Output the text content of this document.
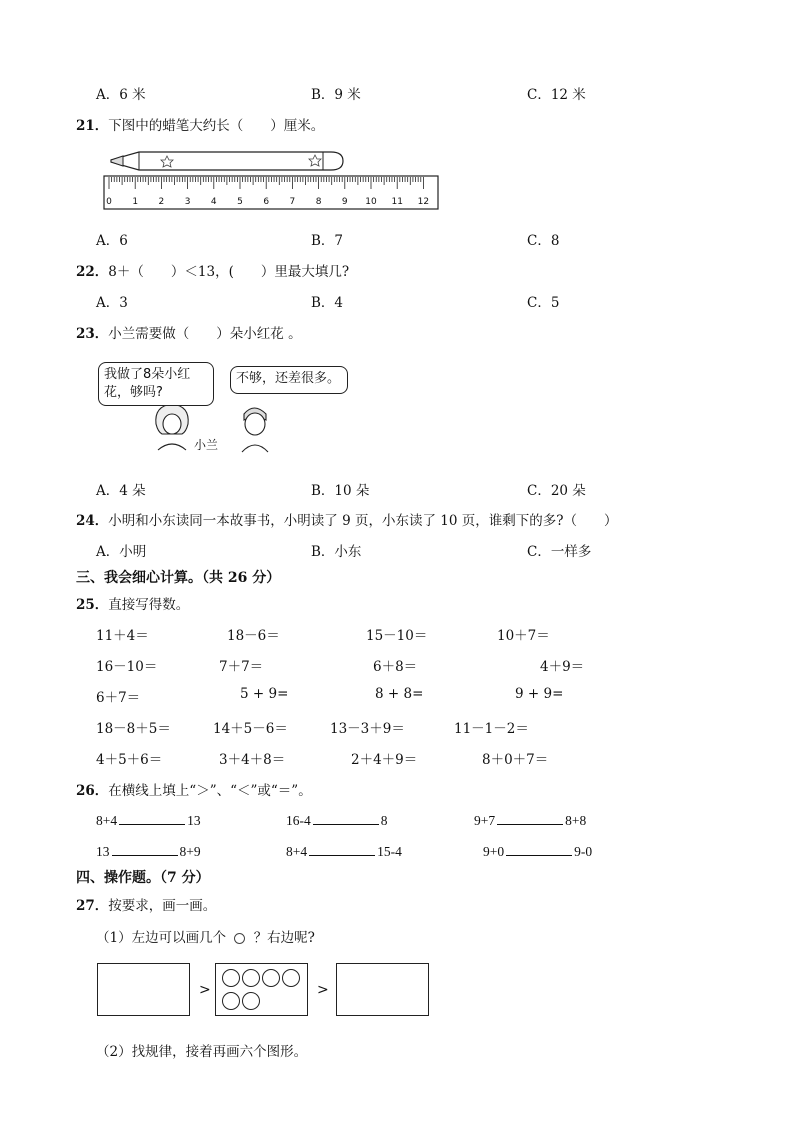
A．6 米	B．9 米	C．12 米
21．下图中的蜡笔大约长（　　）厘米。
0 1 2 3 4 5 6 7 8 9 10 11 12
A．6	B．7	C．8
22．8＋（　　）＜13，(　　）里最大填几?
A．3	B．4	C．5
23．小兰需要做（　　）朵小红花 。
我做了8朵小红
花，够吗?
不够，还差很多。
小兰
A．4 朵	B．10 朵	C．20 朵
24．小明和小东读同一本故事书，小明读了 9 页，小东读了 10 页，谁剩下的多?（　　）
A．小明	B．小东	C．一样多
三、我会细心计算。（共 26 分）
25．直接写得数。
11＋4＝	18－6＝	15－10＝	10＋7＝
16－10＝	7＋7＝	6＋8＝	4＋9＝
6＋7＝	5 + 9=	8 + 8=	9 + 9=
18－8＋5＝	14＋5－6＝	13－3＋9＝	11－1－2＝
4＋5＋6＝	3＋4＋8＝	2＋4＋9＝	8＋0＋7＝
26．在横线上填上“＞”、“＜”或“＝”。
8+4	13	16-4	8	9+7	8+8
13	8+9	8+4	15-4	9+0	9-0
四、操作题。（7 分）
27．按要求，画一画。
（1）左边可以画几个 ？右边呢?
>	>
（2）找规律，接着再画六个图形。
